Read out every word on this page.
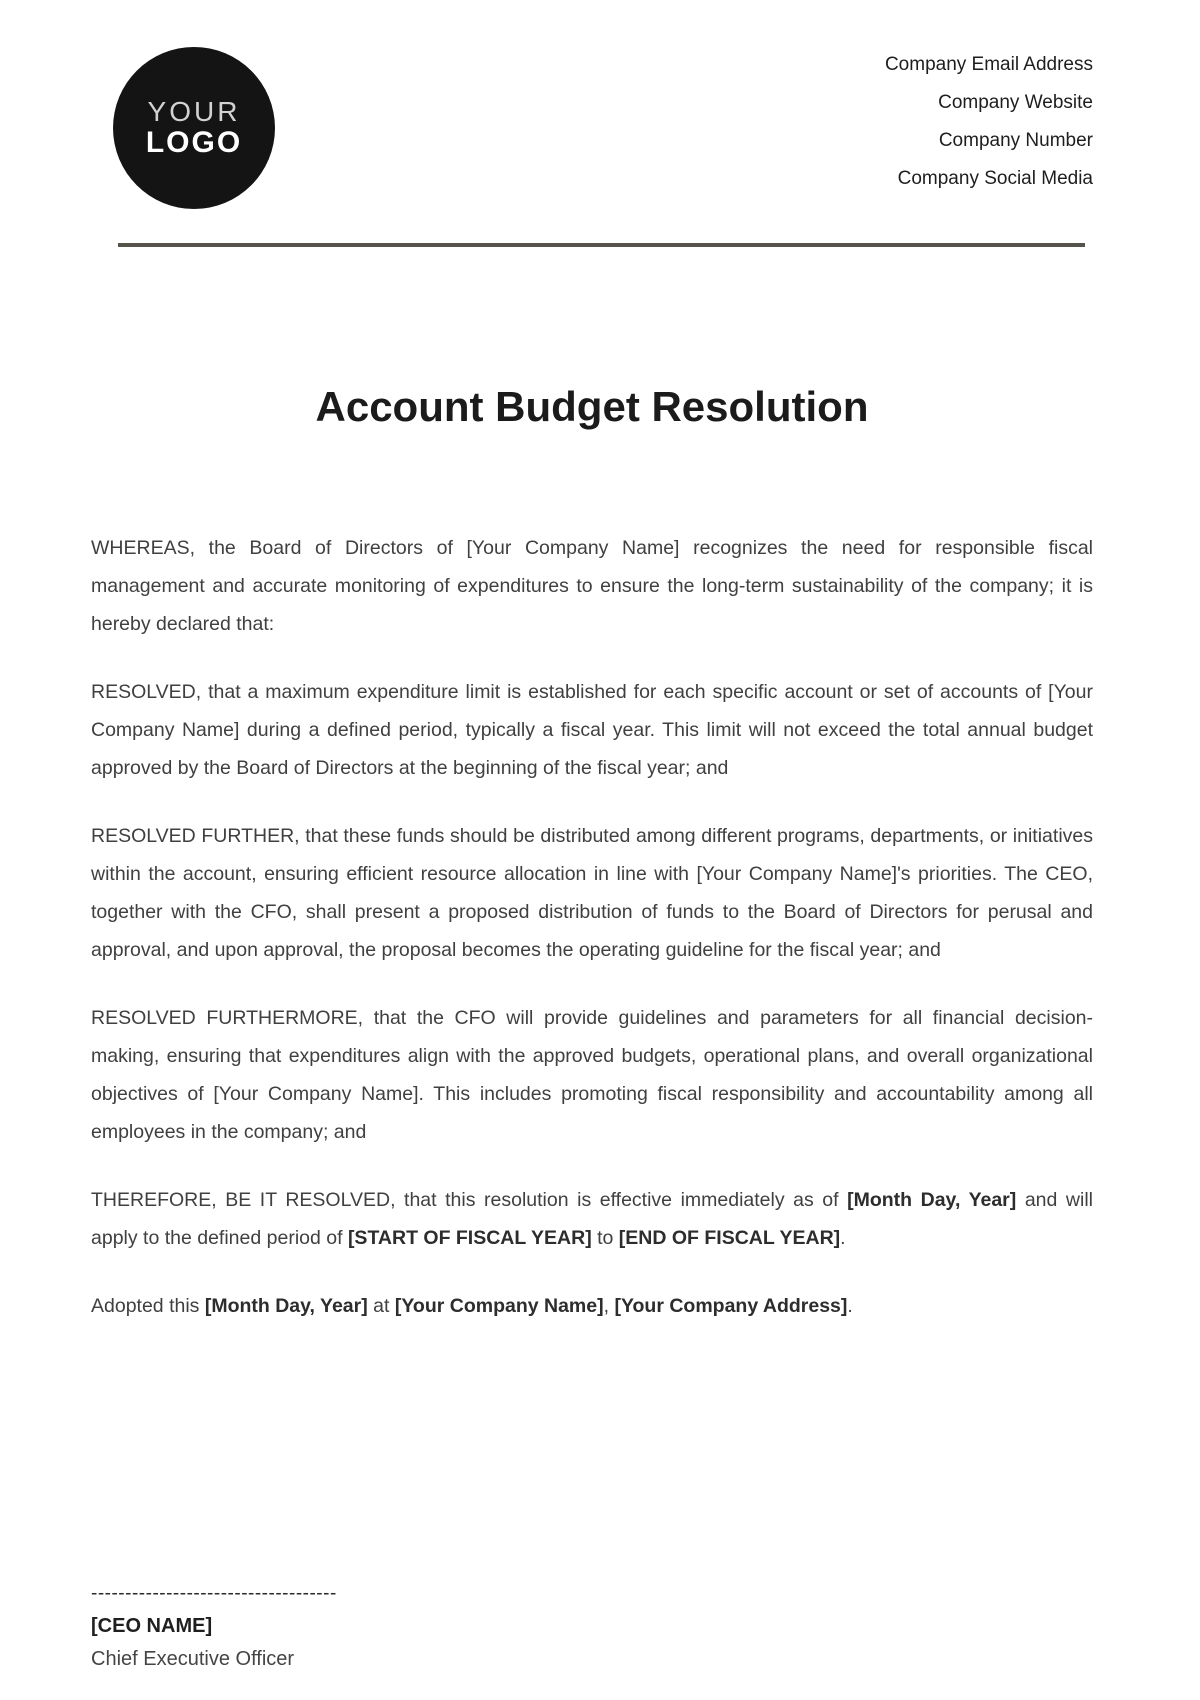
YOUR
LOGO
Company Email Address
Company Website
Company Number
Company Social Media
Account Budget Resolution

WHEREAS, the Board of Directors of [Your Company Name] recognizes the need for responsible fiscal management and accurate monitoring of expenditures to ensure the long-term sustainability of the company; it is hereby declared that:

RESOLVED, that a maximum expenditure limit is established for each specific account or set of accounts of [Your Company Name] during a defined period, typically a fiscal year. This limit will not exceed the total annual budget approved by the Board of Directors at the beginning of the fiscal year; and

RESOLVED FURTHER, that these funds should be distributed among different programs, departments, or initiatives within the account, ensuring efficient resource allocation in line with [Your Company Name]'s priorities. The CEO, together with the CFO, shall present a proposed distribution of funds to the Board of Directors for perusal and approval, and upon approval, the proposal becomes the operating guideline for the fiscal year; and

RESOLVED FURTHERMORE, that the CFO will provide guidelines and parameters for all financial decision-making, ensuring that expenditures align with the approved budgets, operational plans, and overall organizational objectives of [Your Company Name]. This includes promoting fiscal responsibility and accountability among all employees in the company; and

THEREFORE, BE IT RESOLVED, that this resolution is effective immediately as of [Month Day, Year] and will apply to the defined period of [START OF FISCAL YEAR] to [END OF FISCAL YEAR].

Adopted this [Month Day, Year] at [Your Company Name], [Your Company Address].

------------------------------------
[CEO NAME]
Chief Executive Officer
